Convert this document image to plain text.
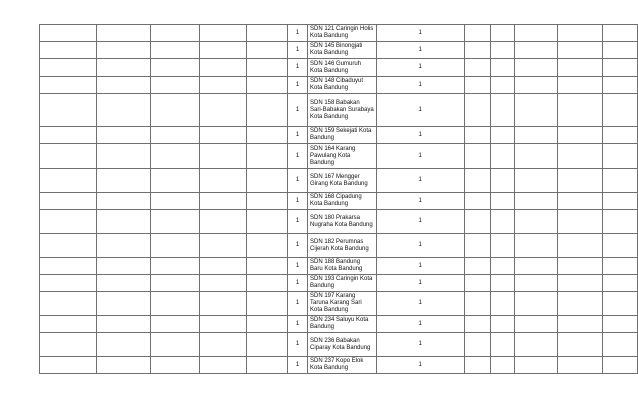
					1	SDN 121 Caringin Holis Kota Bandung	1					
					1	SDN 145 Binongjati Kota Bandung	1					
					1	SDN 146 Gumuruh Kota Bandung	1					
					1	SDN 148 Cibaduyut Kota Bandung	1					
					1	SDN 158 Babakan Sari-Babakan Surabaya Kota Bandung	1					
					1	SDN 159 Sekejati Kota Bandung	1					
					1	SDN 164 Karang Pawulang Kota Bandung	1					
					1	SDN 167 Mengger Girang Kota Bandung	1					
					1	SDN 168 Cipadung Kota Bandung	1					
					1	SDN 180 Prakarsa Nugraha Kota Bandung	1					
					1	SDN 182 Perumnas Cijerah Kota Bandung	1					
					1	SDN 188 Bandung Baru Kota Bandung	1					
					1	SDN 193 Caringin Kota Bandung	1					
					1	SDN 197 Karang Taruna Karang Sari Kota Bandung	1					
					1	SDN 234 Saluyu Kota Bandung	1					
					1	SDN 236 Babakan Ciparay Kota Bandung	1					
					1	SDN 237 Kopo Elok Kota Bandung	1					
